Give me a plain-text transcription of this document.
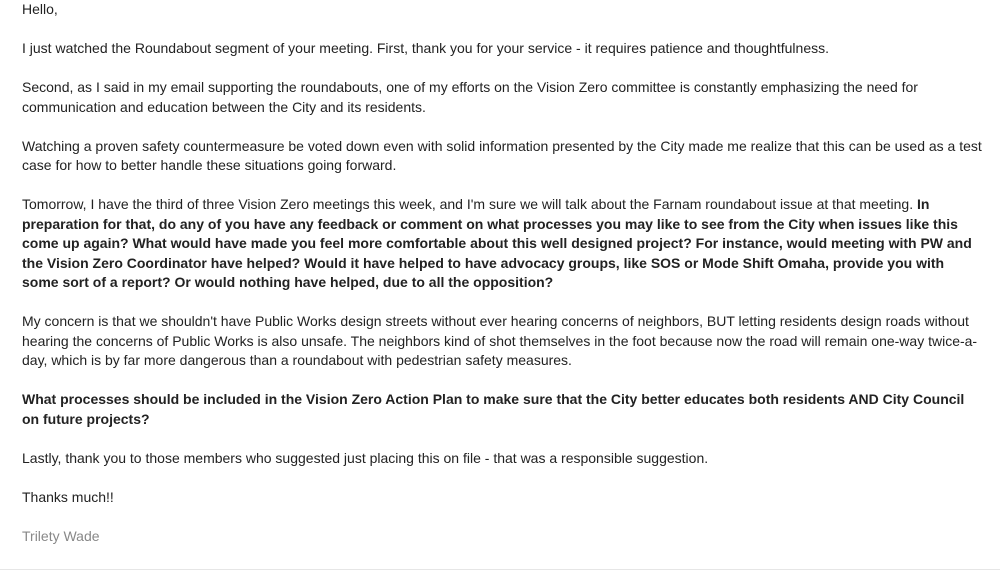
Hello,

I just watched the Roundabout segment of your meeting. First, thank you for your service - it requires patience and thoughtfulness.

Second, as I said in my email supporting the roundabouts, one of my efforts on the Vision Zero committee is constantly emphasizing the need for communication and education between the City and its residents.

Watching a proven safety countermeasure be voted down even with solid information presented by the City made me realize that this can be used as a test case for how to better handle these situations going forward.

Tomorrow, I have the third of three Vision Zero meetings this week, and I'm sure we will talk about the Farnam roundabout issue at that meeting. In preparation for that, do any of you have any feedback or comment on what processes you may like to see from the City when issues like this come up again? What would have made you feel more comfortable about this well designed project? For instance, would meeting with PW and the Vision Zero Coordinator have helped? Would it have helped to have advocacy groups, like SOS or Mode Shift Omaha, provide you with some sort of a report? Or would nothing have helped, due to all the opposition?

My concern is that we shouldn't have Public Works design streets without ever hearing concerns of neighbors, BUT letting residents design roads without hearing the concerns of Public Works is also unsafe. The neighbors kind of shot themselves in the foot because now the road will remain one-way twice-a-day, which is by far more dangerous than a roundabout with pedestrian safety measures.

What processes should be included in the Vision Zero Action Plan to make sure that the City better educates both residents AND City Council on future projects?

Lastly, thank you to those members who suggested just placing this on file - that was a responsible suggestion.

Thanks much!!

Trilety Wade
